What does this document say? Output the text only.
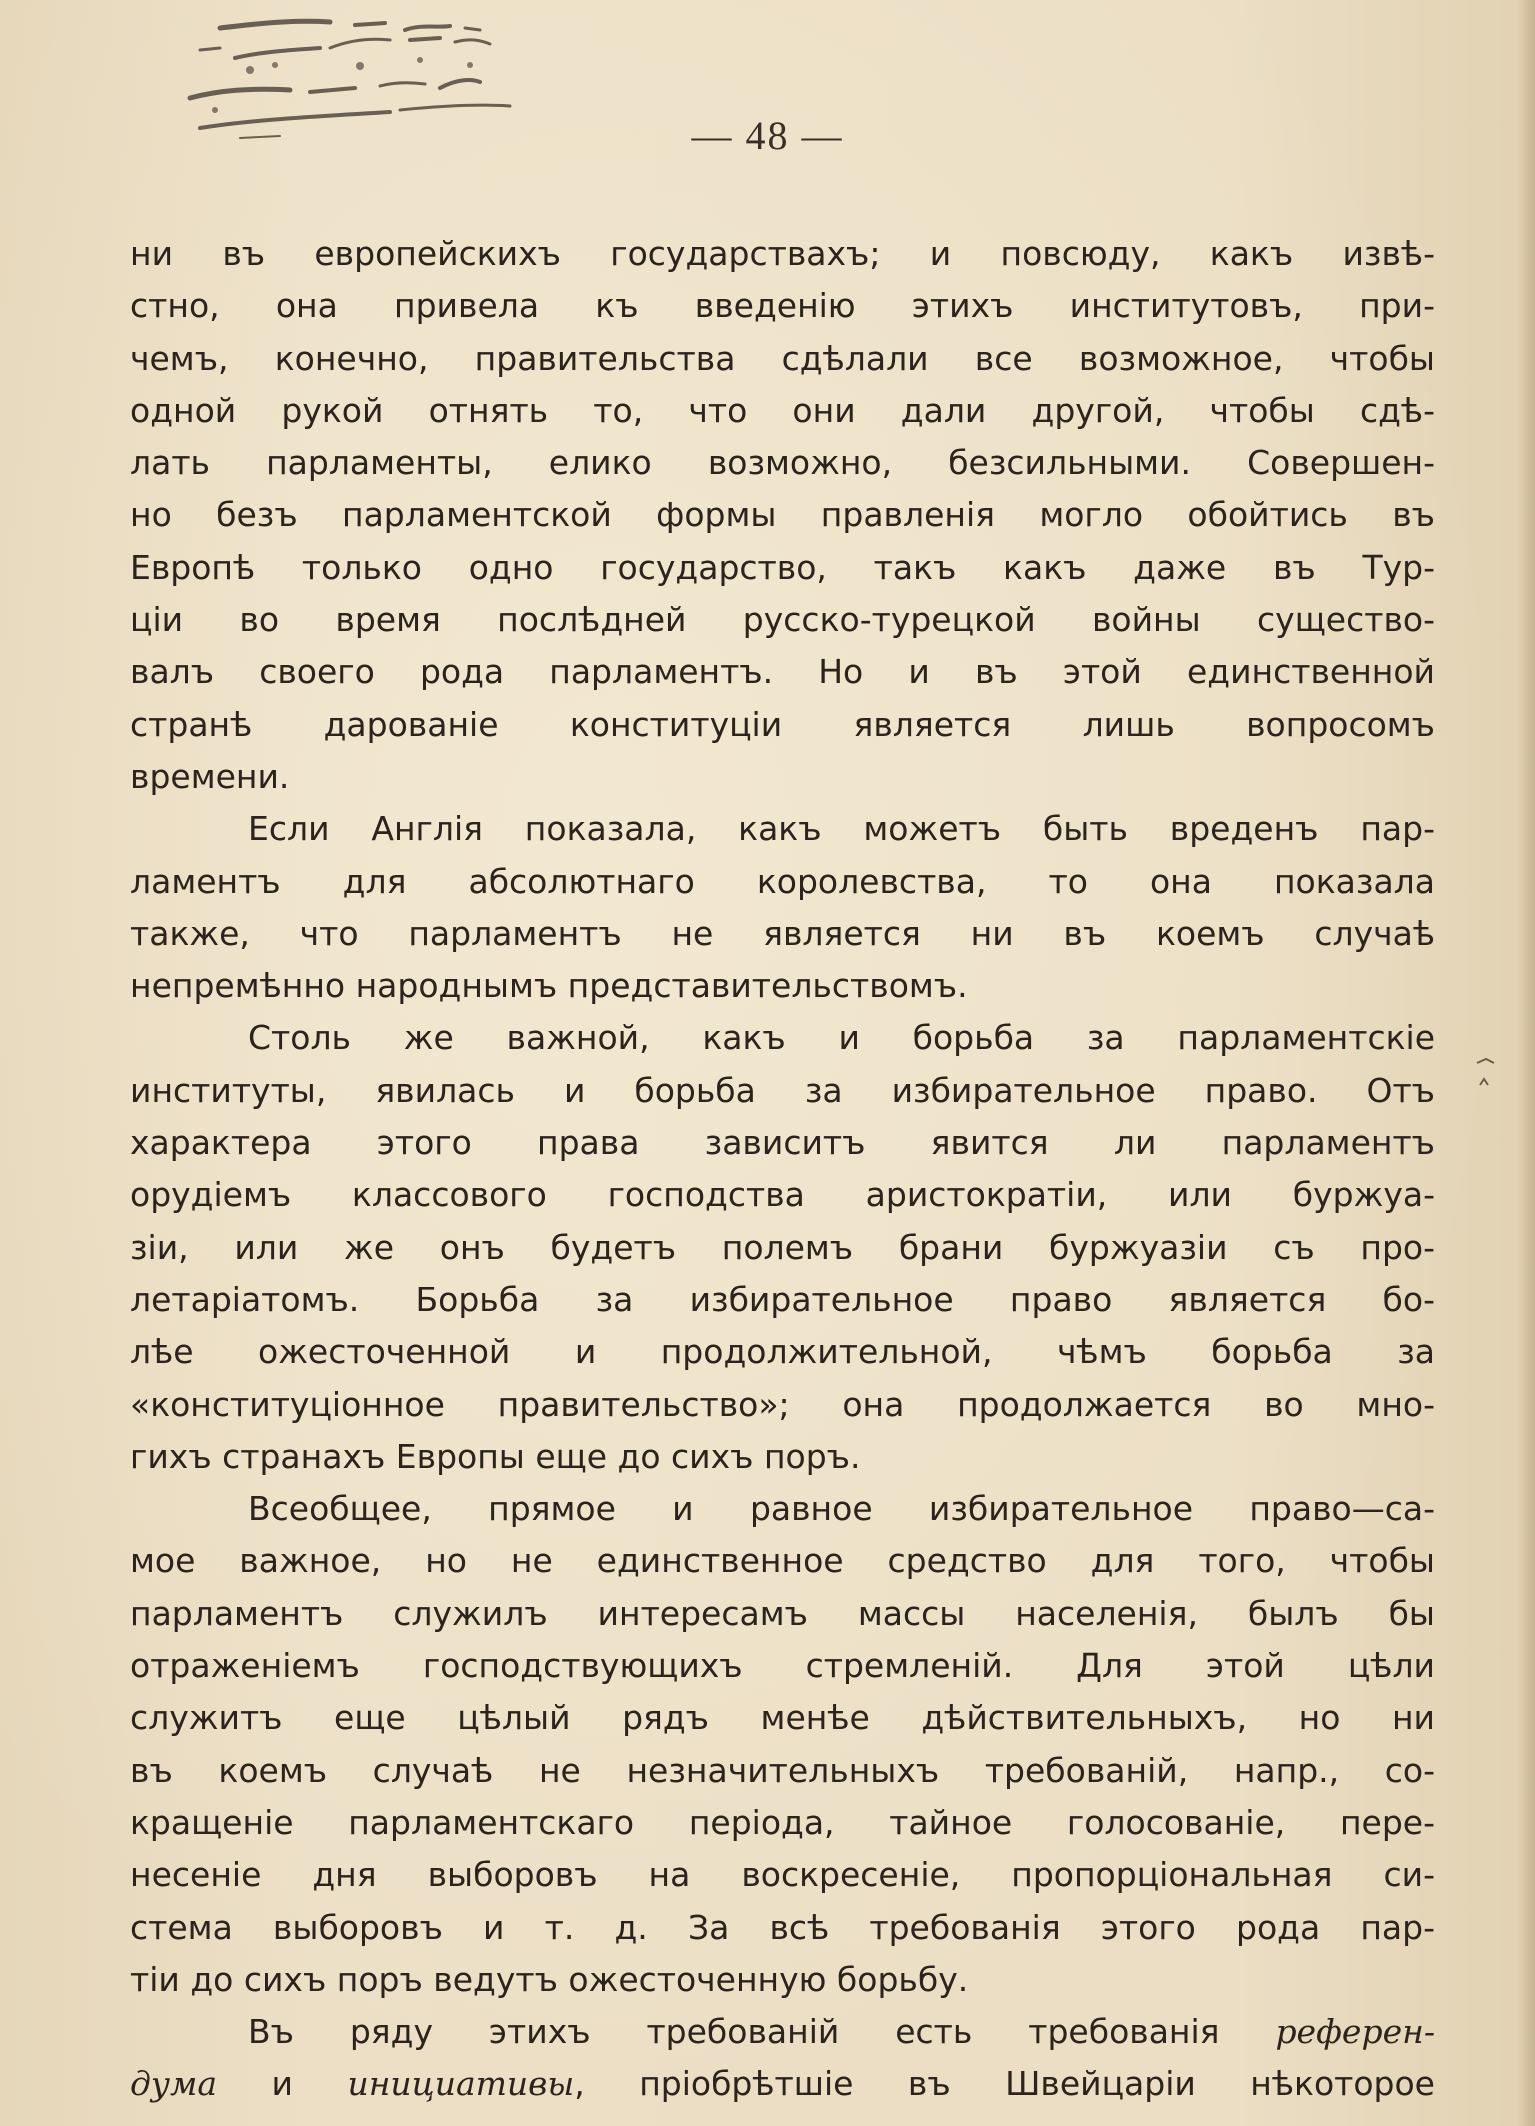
— 48 —
ни въ европейскихъ государствахъ; и повсюду, какъ извѣ-
стно, она привела къ введенію этихъ институтовъ, при-
чемъ, конечно, правительства сдѣлали все возможное, чтобы
одной рукой отнять то, что они дали другой, чтобы сдѣ-
лать парламенты, елико возможно, безсильными. Совершен-
но безъ парламентской формы правленія могло обойтись въ
Европѣ только одно государство, такъ какъ даже въ Тур-
ціи во время послѣдней русско-турецкой войны существо-
валъ своего рода парламентъ. Но и въ этой единственной
странѣ дарованіе конституціи является лишь вопросомъ
времени.
Если Англія показала, какъ можетъ быть вреденъ пар-
ламентъ для абсолютнаго королевства, то она показала
также, что парламентъ не является ни въ коемъ случаѣ
непремѣнно народнымъ представительствомъ.
Столь же важной, какъ и борьба за парламентскіе
институты, явилась и борьба за избирательное право. Отъ
характера этого права зависитъ явится ли парламентъ
орудіемъ классового господства аристократіи, или буржуа-
зіи, или же онъ будетъ полемъ брани буржуазіи съ про-
летаріатомъ. Борьба за избирательное право является бо-
лѣе ожесточенной и продолжительной, чѣмъ борьба за
«конституціонное правительство»; она продолжается во мно-
гихъ странахъ Европы еще до сихъ поръ.
Всеобщее, прямое и равное избирательное право—са-
мое важное, но не единственное средство для того, чтобы
парламентъ служилъ интересамъ массы населенія, былъ бы
отраженіемъ господствующихъ стремленій. Для этой цѣли
служитъ еще цѣлый рядъ менѣе дѣйствительныхъ, но ни
въ коемъ случаѣ не незначительныхъ требованій, напр., со-
кращеніе парламентскаго періода, тайное голосованіе, пере-
несеніе дня выборовъ на воскресеніе, пропорціональная си-
стема выборовъ и т. д. За всѣ требованія этого рода пар-
тіи до сихъ поръ ведутъ ожесточенную борьбу.
Въ ряду этихъ требованій есть требованія референ-
дума и инициативы, пріобрѣтшіе въ Швейцаріи нѣкоторое
